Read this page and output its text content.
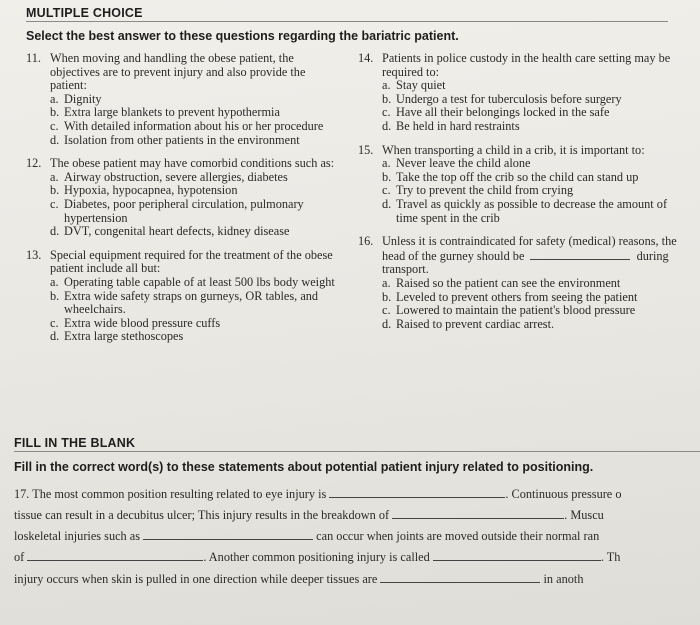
MULTIPLE CHOICE
Select the best answer to these questions regarding the bariatric patient.
11. When moving and handling the obese patient, the objectives are to prevent injury and also provide the patient:
a. Dignity
b. Extra large blankets to prevent hypothermia
c. With detailed information about his or her procedure
d. Isolation from other patients in the environment
12. The obese patient may have comorbid conditions such as:
a. Airway obstruction, severe allergies, diabetes
b. Hypoxia, hypocapnea, hypotension
c. Diabetes, poor peripheral circulation, pulmonary hypertension
d. DVT, congenital heart defects, kidney disease
13. Special equipment required for the treatment of the obese patient include all but:
a. Operating table capable of at least 500 lbs body weight
b. Extra wide safety straps on gurneys, OR tables, and wheelchairs.
c. Extra wide blood pressure cuffs
d. Extra large stethoscopes
14. Patients in police custody in the health care setting may be required to:
a. Stay quiet
b. Undergo a test for tuberculosis before surgery
c. Have all their belongings locked in the safe
d. Be held in hard restraints
15. When transporting a child in a crib, it is important to:
a. Never leave the child alone
b. Take the top off the crib so the child can stand up
c. Try to prevent the child from crying
d. Travel as quickly as possible to decrease the amount of time spent in the crib
16. Unless it is contraindicated for safety (medical) reasons, the head of the gurney should be	during transport.
a. Raised so the patient can see the environment
b. Leveled to prevent others from seeing the patient
c. Lowered to maintain the patient's blood pressure
d. Raised to prevent cardiac arrest.
FILL IN THE BLANK
Fill in the correct word(s) to these statements about potential patient injury related to positioning.
17. The most common position resulting related to eye injury is	. Continuous pressure o
tissue can result in a decubitus ulcer; This injury results in the breakdown of	. Muscu
loskeletal injuries such as	can occur when joints are moved outside their normal ran
of	. Another common positioning injury is called	. Th
injury occurs when skin is pulled in one direction while deeper tissues are	in anoth
